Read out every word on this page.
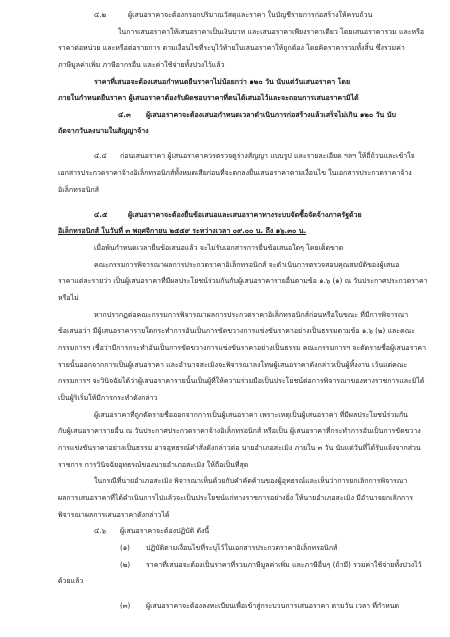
๔.๒	ผู้เสนอราคาจะต้องกรอกปริมาณวัสดุและราคา ในบัญชีรายการก่อสร้างให้ครบถ้วน
ในการเสนอราคาให้เสนอราคาเป็นเงินบาท และเสนอราคาเพียงราคาเดียว โดยเสนอราคารวม และหรือ
ราคาต่อหน่วย และหรือต่อรายการ ตามเงื่อนไขที่ระบุไว้ท้ายใบเสนอราคาให้ถูกต้อง โดยคิดราคารวมทั้งสิ้น ซึ่งรวมค่า
ภาษีมูลค่าเพิ่ม ภาษีอากรอื่น และค่าใช้จ่ายทั้งปวงไว้แล้ว
ราคาที่เสนอจะต้องเสนอกำหนดยืนราคาไม่น้อยกว่า ๑๒๐ วัน นับแต่วันเสนอราคา โดย
ภายในกำหนดยืนราคา ผู้เสนอราคาต้องรับผิดชอบราคาที่ตนได้เสนอไว้และจะถอนการเสนอราคามิได้
๔.๓ ผู้เสนอราคาจะต้องเสนอกำหนดเวลาดำเนินการก่อสร้างแล้วเสร็จไม่เกิน ๑๒๐ วัน นับ
ถัดจากวันลงนามในสัญญาจ้าง
๔.๔ ก่อนเสนอราคา ผู้เสนอราคาควรตรวจดูร่างสัญญา แบบรูป และรายละเอียด ฯลฯ ให้ถี่ถ้วนและเข้าใจ
เอกสารประกวดราคาจ้างอิเล็กทรอนิกส์ทั้งหมดเสียก่อนที่จะตกลงยื่นเสนอราคาตามเงื่อนไข ในเอกสารประกวดราคาจ้าง
อิเล็กทรอนิกส์
๔.๕	ผู้เสนอราคาจะต้องยื่นข้อเสนอและเสนอราคาทางระบบจัดซื้อจัดจ้างภาครัฐด้วย
อิเล็กทรอนิกส์ ในวันที่ ๓ พฤศจิกายน ๒๕๕๙ ระหว่างเวลา ๐๙.๐๐ น. ถึง ๑๖.๓๐ น.
เมื่อพ้นกำหนดเวลายื่นข้อเสนอแล้ว จะไม่รับเอกสารการยื่นข้อเสนอใดๆ โดยเด็ดขาด
คณะกรรมการพิจารณาผลการประกวดราคาอิเล็กทรอนิกส์ จะดำเนินการตรวจสอบคุณสมบัติของผู้เสนอ
ราคาแต่ละรายว่า เป็นผู้เสนอราคาที่มีผลประโยชน์ร่วมกันกับผู้เสนอราคารายอื่นตามข้อ ๑.๖ (๑) ณ วันประกาศประกวดราคา
หรือไม่
หากปรากฏต่อคณะกรรมการพิจารณาผลการประกวดราคาอิเล็กทรอนิกส์ก่อนหรือในขณะ ที่มีการพิจารณา
ข้อเสนอว่า มีผู้เสนอราคารายใดกระทำการอันเป็นการขัดขวางการแข่งขันราคาอย่างเป็นธรรมตามข้อ ๑.๖ (๒) และคณะ
กรรมการฯ เชื่อว่ามีการกระทำอันเป็นการขัดขวางการแข่งขันราคาอย่างเป็นธรรม คณะกรรมการฯ จะตัดรายชื่อผู้เสนอราคา
รายนั้นออกจากการเป็นผู้เสนอราคา และอำนาจสะเมิงจะพิจารณาลงโทษผู้เสนอราคาดังกล่าวเป็นผู้ทิ้งงาน เว้นแต่คณะ
กรรมการฯ จะวินิจฉัยได้ว่าผู้เสนอราคารายนั้นเป็นผู้ที่ให้ความร่วมมือเป็นประโยชน์ต่อการพิจารณาของทางราชการและมิได้
เป็นผู้ริเริ่มให้มีการกระทำดังกล่าว
ผู้เสนอราคาที่ถูกตัดรายชื่อออกจากการเป็นผู้เสนอราคา เพราะเหตุเป็นผู้เสนอราคา ที่มีผลประโยชน์ร่วมกัน
กับผู้เสนอราคารายอื่น ณ วันประกาศประกวดราคาจ้างอิเล็กทรอนิกส์ หรือเป็น ผู้เสนอราคาที่กระทำการอันเป็นการขัดขวาง
การแข่งขันราคาอย่างเป็นธรรม อาจอุทธรณ์คำสั่งดังกล่าวต่อ นายอำเภอสะเมิง ภายใน ๓ วัน นับแต่วันที่ได้รับแจ้งจากส่วน
ราชการ การวินิจฉัยอุทธรณ์ของนายอำเภอสะเมิง ให้ถือเป็นที่สุด
ในกรณีที่นายอำเภอสะเมิง พิจารณาเห็นด้วยกับคำคัดค้านของผู้อุทธรณ์และเห็นว่าการยกเลิกการพิจารณา
ผลการเสนอราคาที่ได้ดำเนินการไปแล้วจะเป็นประโยชน์แก่ทางราชการอย่างยิ่ง ให้นายอำเภอสะเมิง มีอำนาจยกเลิกการ
พิจารณาผลการเสนอราคาดังกล่าวได้
๔.๖ ผู้เสนอราคาจะต้องปฏิบัติ ดังนี้
(๑) ปฏิบัติตามเงื่อนไขที่ระบุไว้ในเอกสารประกวดราคาอิเล็กทรอนิกส์
(๒) ราคาที่เสนอจะต้องเป็นราคาที่รวมภาษีมูลค่าเพิ่ม และภาษีอื่นๆ (ถ้ามี) รวมค่าใช้จ่ายทั้งปวงไว้
ด้วยแล้ว
(๓) ผู้เสนอราคาจะต้องลงทะเบียนเพื่อเข้าสู่กระบวนการเสนอราคา ตามวัน เวลา ที่กำหนด
